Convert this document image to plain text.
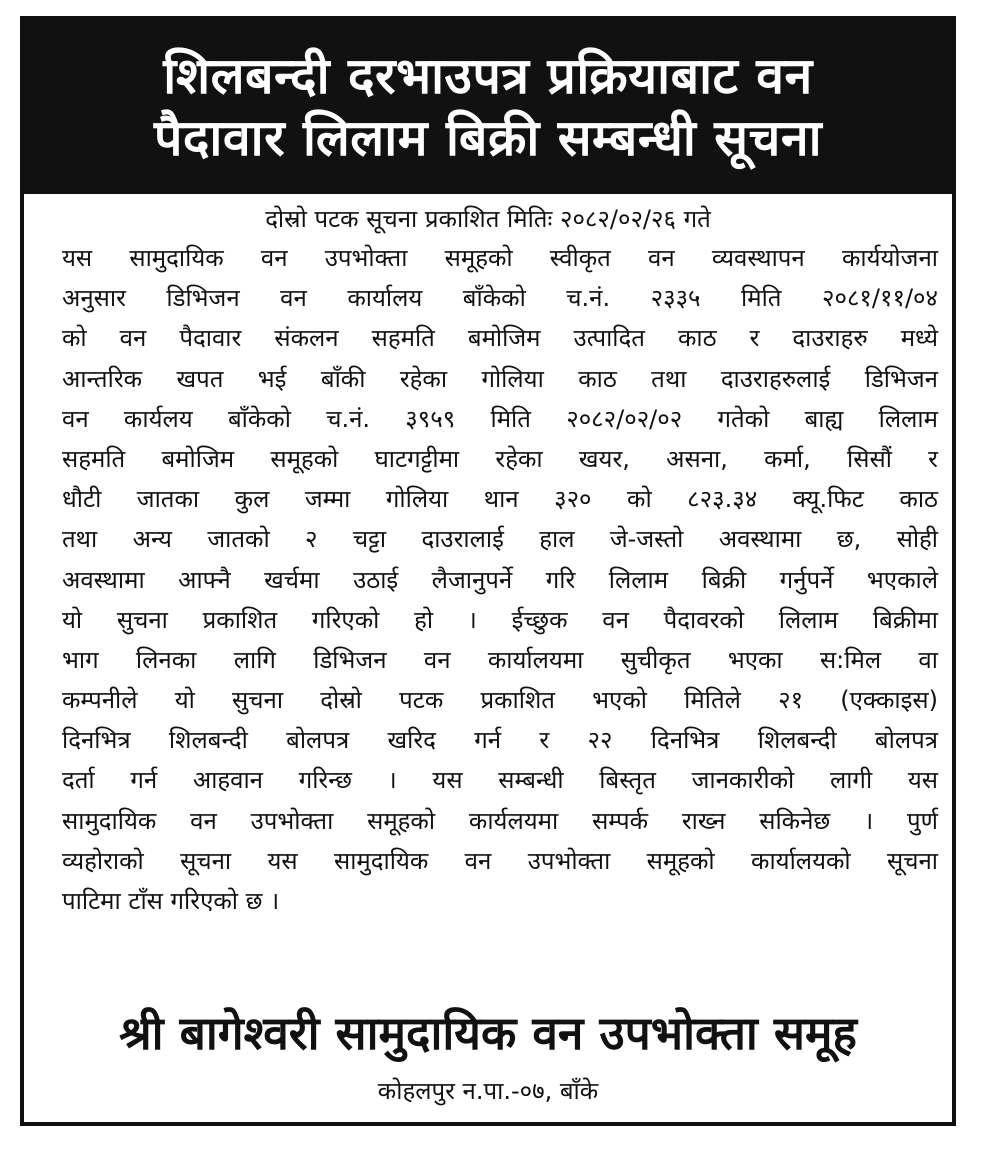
शिलबन्दी दरभाउपत्र प्रक्रियाबाट वन
पैदावार लिलाम बिक्री सम्बन्धी सूचना
दोस्रो पटक सूचना प्रकाशित मितिः २०८२/०२/२६ गते
यस सामुदायिक वन उपभोक्ता समूहको स्वीकृत वन व्यवस्थापन कार्ययोजना
अनुसार डिभिजन वन कार्यालय बाँकेको च.नं. २३३५ मिति २०८१/११/०४
को वन पैदावार संकलन सहमति बमोजिम उत्पादित काठ र दाउराहरु मध्ये
आन्तरिक खपत भई बाँकी रहेका गोलिया काठ तथा दाउराहरुलाई डिभिजन
वन कार्यलय बाँकेको च.नं. ३९५९ मिति २०८२/०२/०२ गतेको बाह्य लिलाम
सहमति बमोजिम समूहको घाटगट्टीमा रहेका खयर, असना, कर्मा, सिसौं र
धौटी जातका कुल जम्मा गोलिया थान ३२० को ८२३.३४ क्यू.फिट काठ
तथा अन्य जातको २ चट्टा दाउरालाई हाल जे-जस्तो अवस्थामा छ, सोही
अवस्थामा आफ्नै खर्चमा उठाई लैजानुपर्ने गरि लिलाम बिक्री गर्नुपर्ने भएकाले
यो सुचना प्रकाशित गरिएको हो । ईच्छुक वन पैदावरको लिलाम बिक्रीमा
भाग लिनका लागि डिभिजन वन कार्यालयमा सुचीकृत भएका स:मिल वा
कम्पनीले यो सुचना दोस्रो पटक प्रकाशित भएको मितिले २१ (एक्काइस)
दिनभित्र शिलबन्दी बोलपत्र खरिद गर्न र २२ दिनभित्र शिलबन्दी बोलपत्र
दर्ता गर्न आहवान गरिन्छ । यस सम्बन्धी बिस्तृत जानकारीको लागी यस
सामुदायिक वन उपभोक्ता समूहको कार्यलयमा सम्पर्क राख्न सकिनेछ । पुर्ण
व्यहोराको सूचना यस सामुदायिक वन उपभोक्ता समूहको कार्यालयको सूचना
पाटिमा टाँस गरिएको छ ।
श्री बागेश्वरी सामुदायिक वन उपभोक्ता समूह
कोहलपुर न.पा.-०७, बाँके
